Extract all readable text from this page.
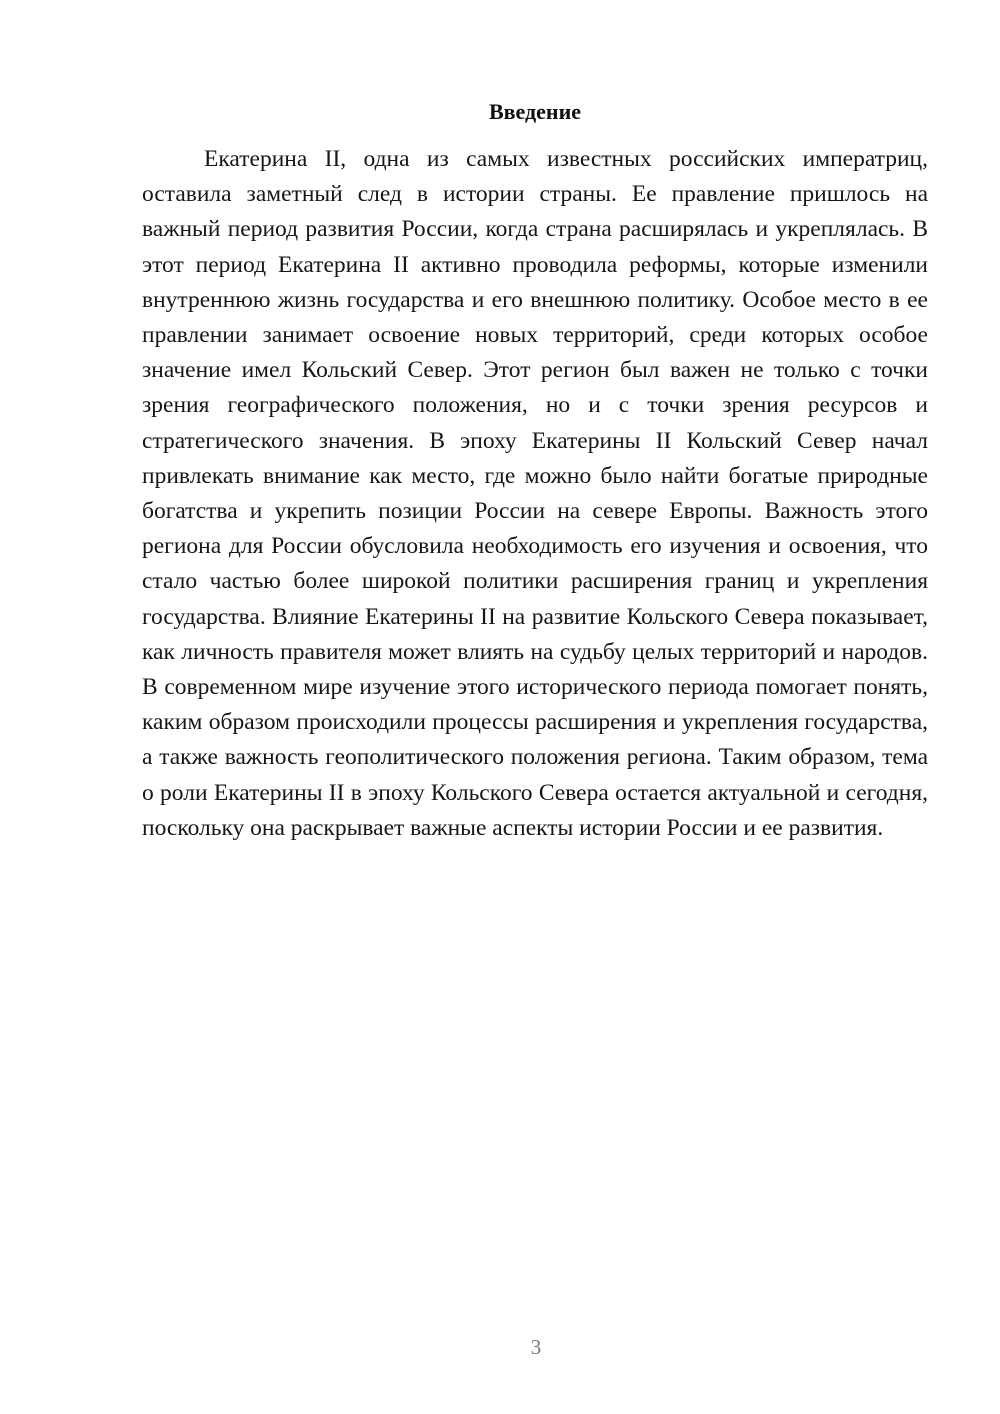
Введение

Екатерина II, одна из самых известных российских императриц, оставила заметный след в истории страны. Ее правление пришлось на важный период развития России, когда страна расширялась и укреплялась. В этот период Екатерина II активно проводила реформы, которые изменили внутреннюю жизнь государства и его внешнюю политику. Особое место в ее правлении занимает освоение новых территорий, среди которых особое значение имел Кольский Север. Этот регион был важен не только с точки зрения географического положения, но и с точки зрения ресурсов и стратегического значения. В эпоху Екатерины II Кольский Север начал привлекать внимание как место, где можно было найти богатые природные богатства и укрепить позиции России на севере Европы. Важность этого региона для России обусловила необходимость его изучения и освоения, что стало частью более широкой политики расширения границ и укрепления государства. Влияние Екатерины II на развитие Кольского Севера показывает, как личность правителя может влиять на судьбу целых территорий и народов. В современном мире изучение этого исторического периода помогает понять, каким образом происходили процессы расширения и укрепления государства, а также важность геополитического положения региона. Таким образом, тема о роли Екатерины II в эпоху Кольского Севера остается актуальной и сегодня, поскольку она раскрывает важные аспекты истории России и ее развития.

3
